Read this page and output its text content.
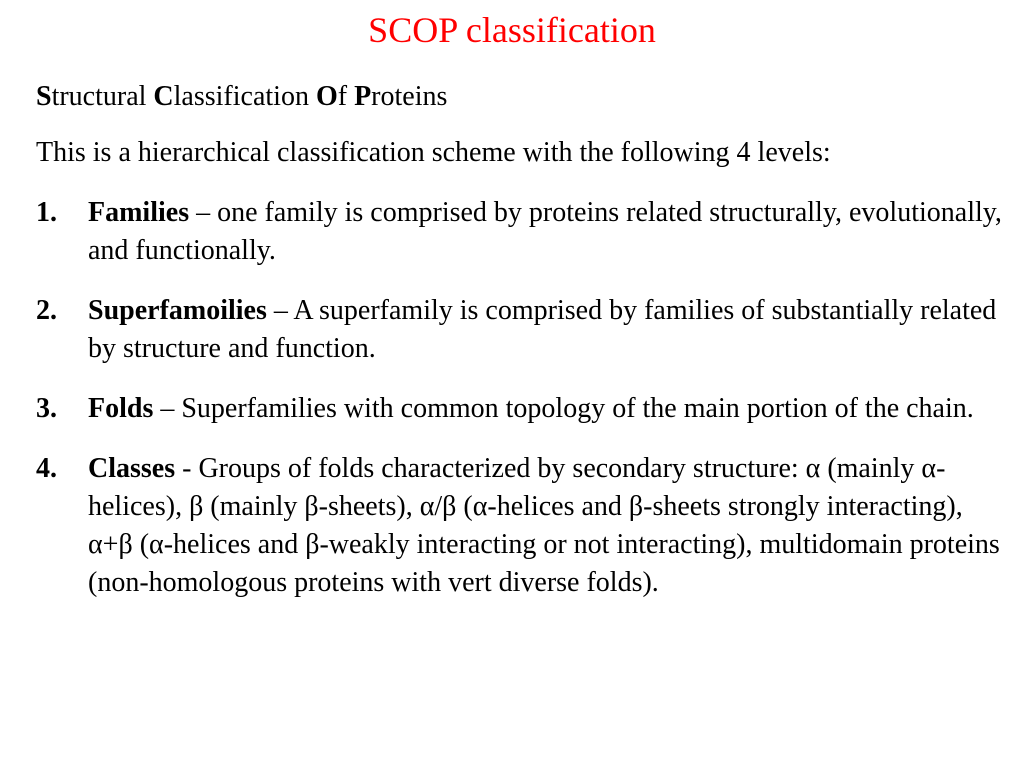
SCOP classification

Structural Classification Of Proteins

This is a hierarchical classification scheme with the following 4 levels:

1. Families – one family is comprised by proteins related structurally, evolutionally, and functionally.
2. Superfamoilies – A superfamily is comprised by families of substantially related by structure and function.
3. Folds – Superfamilies with common topology of the main portion of the chain.
4. Classes - Groups of folds characterized by secondary structure: α (mainly α-helices), β (mainly β-sheets), α/β (α-helices and β-sheets strongly interacting), α+β (α-helices and β-weakly interacting or not interacting), multidomain proteins (non-homologous proteins with vert diverse folds).
